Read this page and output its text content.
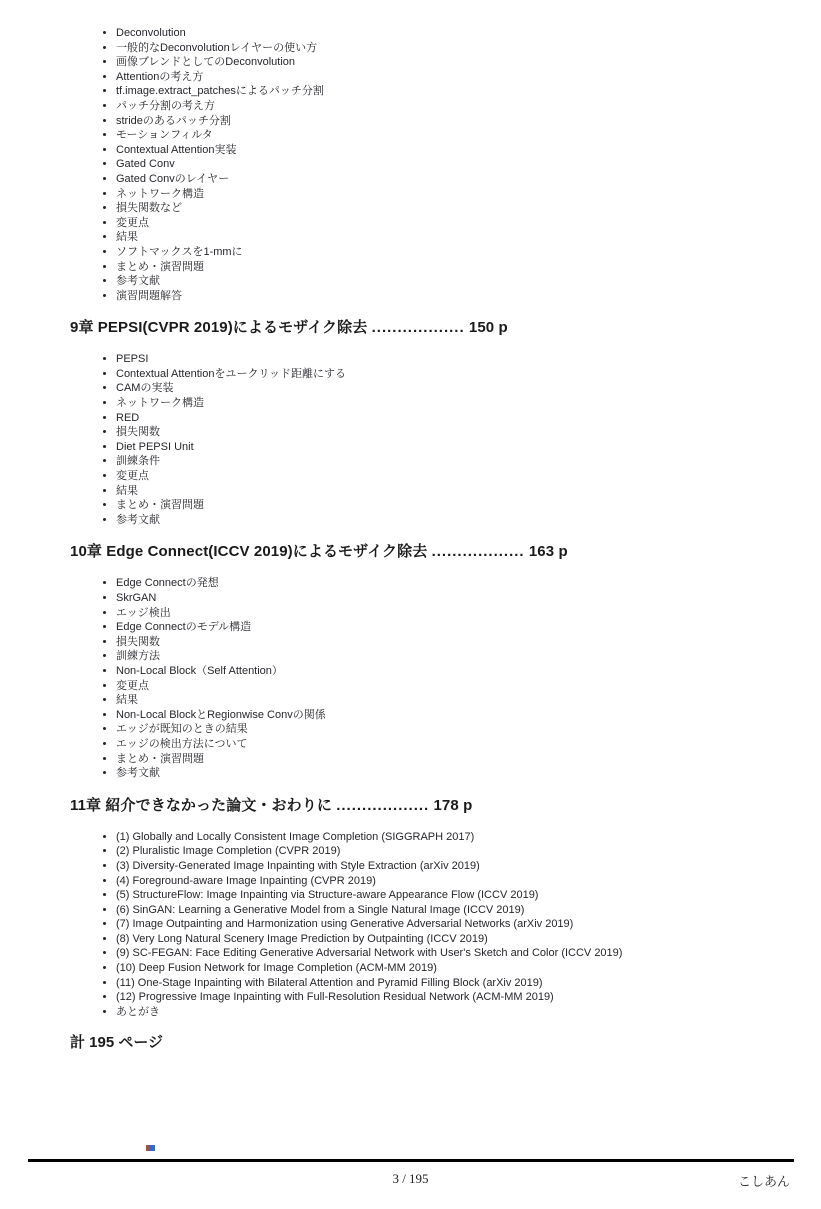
• Deconvolution
• 一般的なDeconvolutionレイヤーの使い方
• 画像ブレンドとしてのDeconvolution
• Attentionの考え方
• tf.image.extract_patchesによるパッチ分割
• パッチ分割の考え方
• strideのあるパッチ分割
• モーションフィルタ
• Contextual Attention実装
• Gated Conv
• Gated Convのレイヤー
• ネットワーク構造
• 損失関数など
• 変更点
• 結果
• ソフトマックスを1-mmに
• まとめ・演習問題
• 参考文献
• 演習問題解答
9章 PEPSI(CVPR 2019)によるモザイク除去 .................. 150 p
• PEPSI
• Contextual Attentionをユークリッド距離にする
• CAMの実装
• ネットワーク構造
• RED
• 損失関数
• Diet PEPSI Unit
• 訓練条件
• 変更点
• 結果
• まとめ・演習問題
• 参考文献
10章 Edge Connect(ICCV 2019)によるモザイク除去 .................. 163 p
• Edge Connectの発想
• SkrGAN
• エッジ検出
• Edge Connectのモデル構造
• 損失関数
• 訓練方法
• Non-Local Block（Self Attention）
• 変更点
• 結果
• Non-Local BlockとRegionwise Convの関係
• エッジが既知のときの結果
• エッジの検出方法について
• まとめ・演習問題
• 参考文献
11章 紹介できなかった論文・おわりに .................. 178 p
• (1) Globally and Locally Consistent Image Completion (SIGGRAPH 2017)
• (2) Pluralistic Image Completion (CVPR 2019)
• (3) Diversity-Generated Image Inpainting with Style Extraction (arXiv 2019)
• (4) Foreground-aware Image Inpainting (CVPR 2019)
• (5) StructureFlow: Image Inpainting via Structure-aware Appearance Flow (ICCV 2019)
• (6) SinGAN: Learning a Generative Model from a Single Natural Image (ICCV 2019)
• (7) Image Outpainting and Harmonization using Generative Adversarial Networks (arXiv 2019)
• (8) Very Long Natural Scenery Image Prediction by Outpainting (ICCV 2019)
• (9) SC-FEGAN: Face Editing Generative Adversarial Network with User's Sketch and Color (ICCV 2019)
• (10) Deep Fusion Network for Image Completion (ACM-MM 2019)
• (11) One-Stage Inpainting with Bilateral Attention and Pyramid Filling Block (arXiv 2019)
• (12) Progressive Image Inpainting with Full-Resolution Residual Network (ACM-MM 2019)
• あとがき
計 195 ページ
3 / 195	こしあん
